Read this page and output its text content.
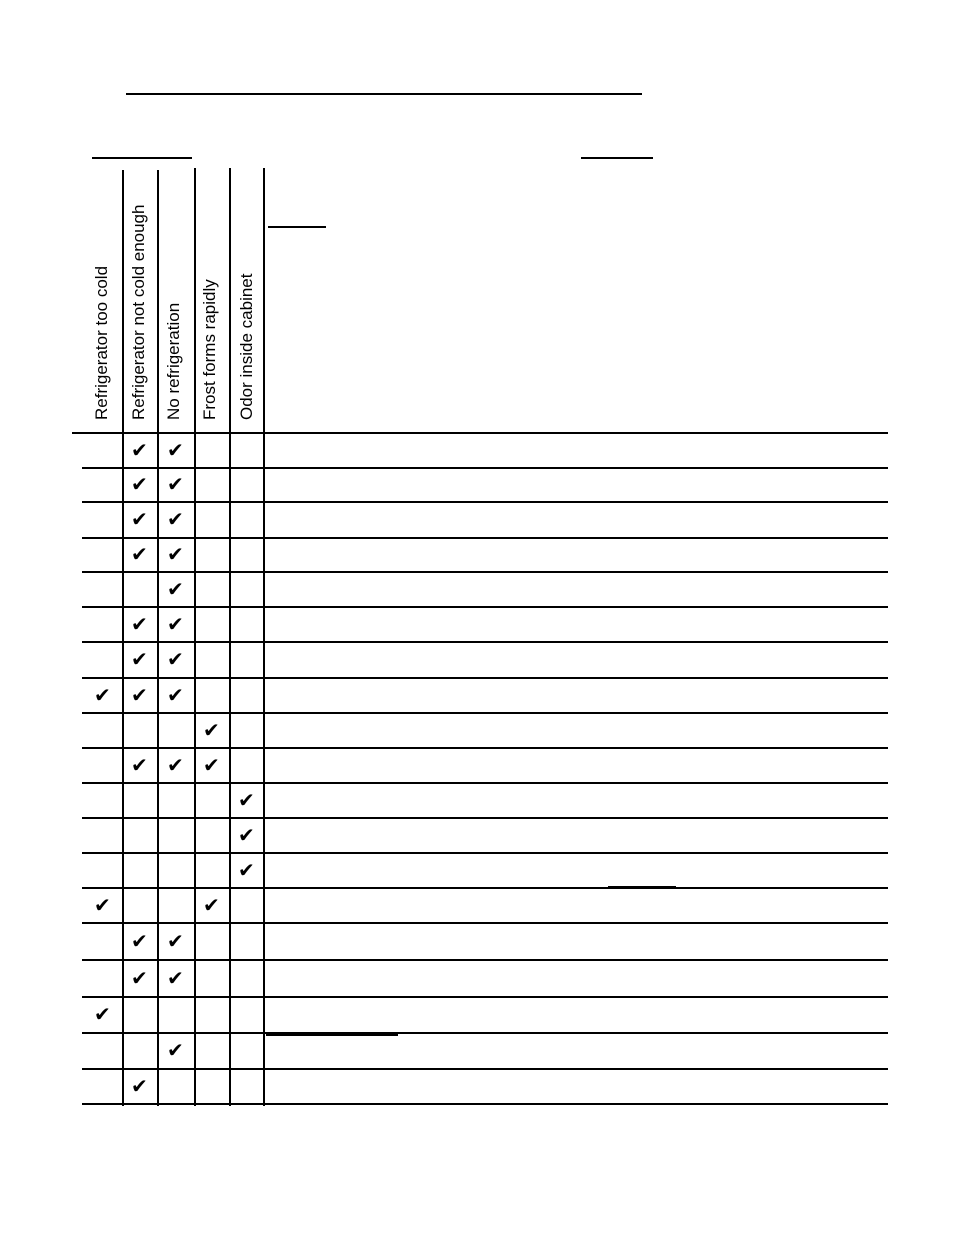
Refrigerator too cold Refrigerator not cold enough No refrigeration Frost forms rapidly Odor inside cabinet
✔ ✔
✔ ✔
✔ ✔
✔ ✔
✔
✔ ✔
✔ ✔
✔ ✔ ✔
✔
✔ ✔ ✔
✔
✔
✔
✔	✔
✔ ✔
✔ ✔
✔
✔
✔
